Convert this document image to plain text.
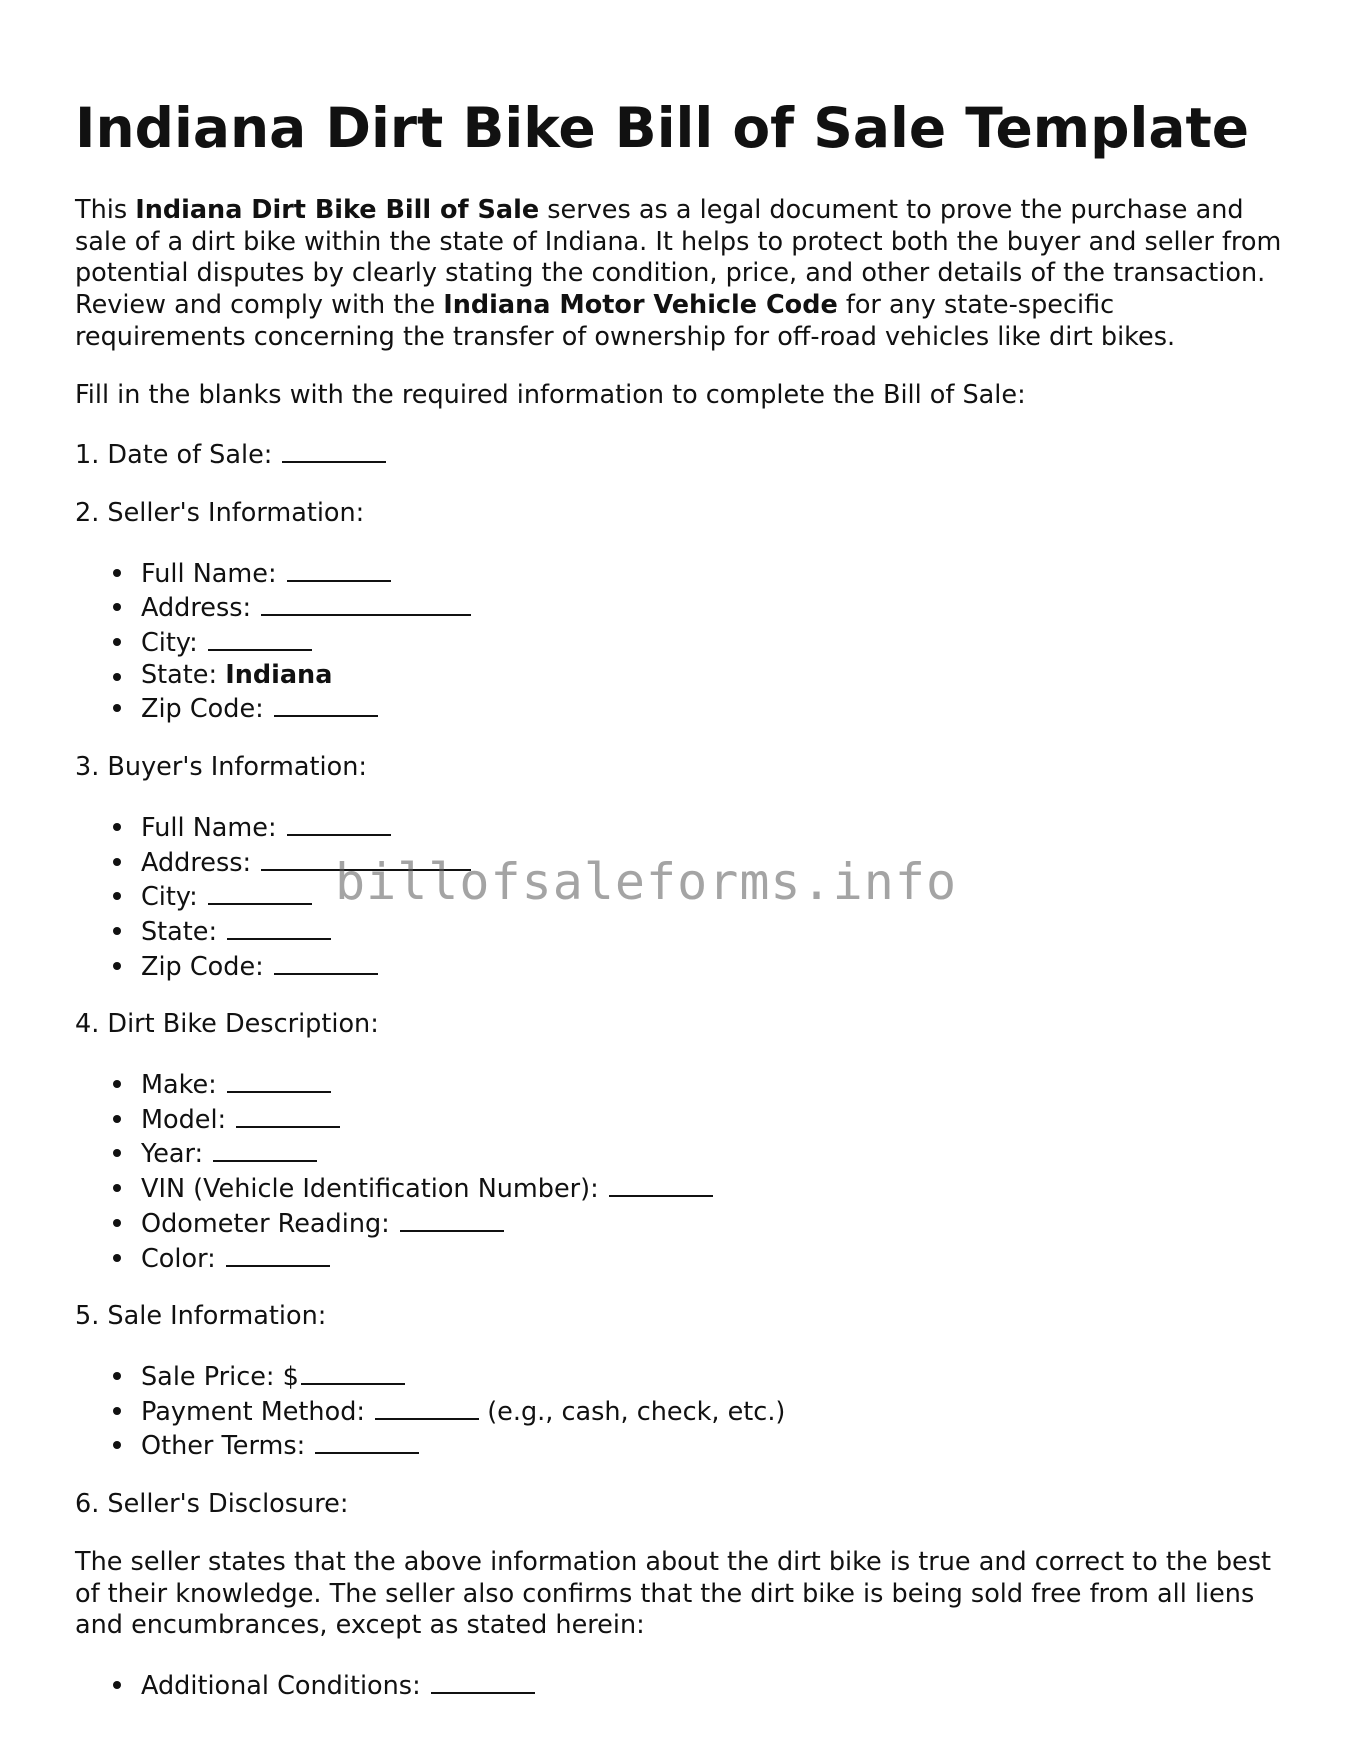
Indiana Dirt Bike Bill of Sale Template

This Indiana Dirt Bike Bill of Sale serves as a legal document to prove the purchase and sale of a dirt bike within the state of Indiana. It helps to protect both the buyer and seller from potential disputes by clearly stating the condition, price, and other details of the transaction. Review and comply with the Indiana Motor Vehicle Code for any state-specific requirements concerning the transfer of ownership for off-road vehicles like dirt bikes.

Fill in the blanks with the required information to complete the Bill of Sale:

1. Date of Sale:

2. Seller's Information:

Full Name:
Address:
City:
State: Indiana
Zip Code:

3. Buyer's Information:

Full Name:
Address:
City:
State:
Zip Code:

4. Dirt Bike Description:

Make:
Model:
Year:
VIN (Vehicle Identification Number):
Odometer Reading:
Color:

5. Sale Information:

Sale Price: $
Payment Method:	(e.g., cash, check, etc.)
Other Terms:

6. Seller's Disclosure:

The seller states that the above information about the dirt bike is true and correct to the best of their knowledge. The seller also confirms that the dirt bike is being sold free from all liens and encumbrances, except as stated herein:

Additional Conditions:
billofsaleforms.info
